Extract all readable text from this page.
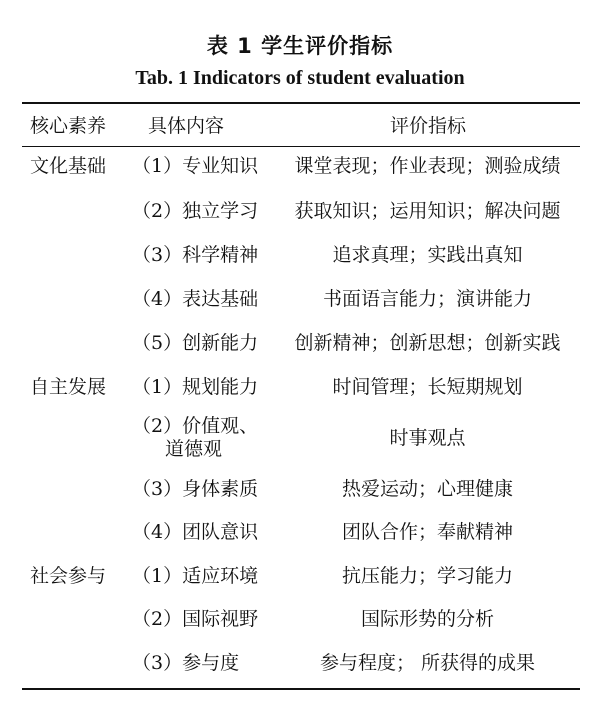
表 1 学生评价指标
Tab. 1 Indicators of student evaluation
核心素养 具体内容	评价指标
文化基础 （1）专业知识	课堂表现；作业表现；测验成绩
（2）独立学习	获取知识；运用知识；解决问题
（3）科学精神	追求真理；实践出真知
（4）表达基础	书面语言能力；演讲能力
（5）创新能力	创新精神；创新思想；创新实践
自主发展 （1）规划能力	时间管理；长短期规划
（2）价值观、
道德观	时事观点
（3）身体素质	热爱运动；心理健康
（4）团队意识	团队合作；奉献精神
社会参与 （1）适应环境	抗压能力；学习能力
（2）国际视野	国际形势的分析
（3）参与度	参与程度； 所获得的成果
